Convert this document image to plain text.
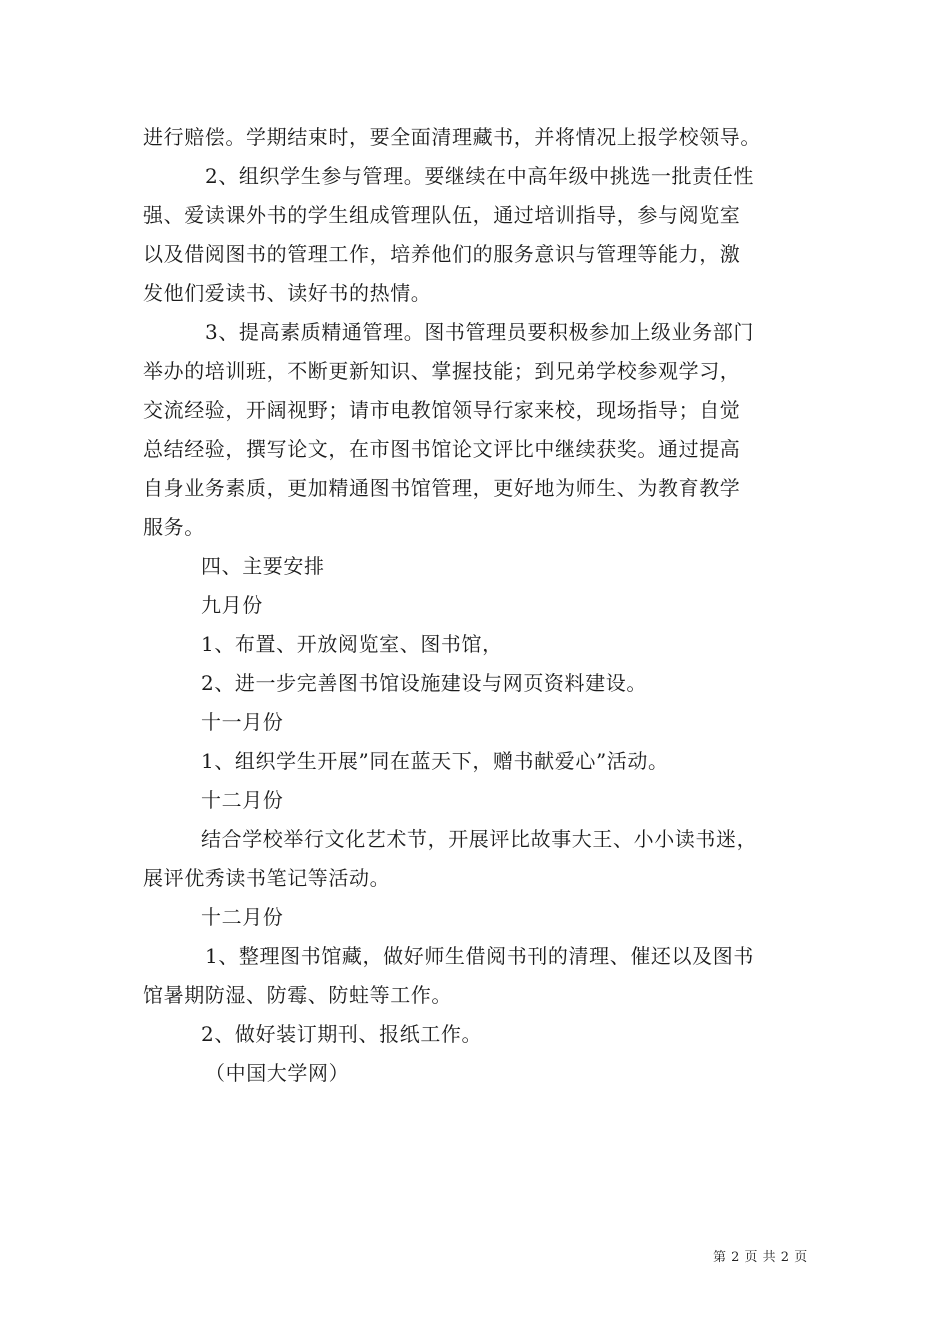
进行赔偿。学期结束时，要全面清理藏书，并将情况上报学校领导。
2、组织学生参与管理。要继续在中高年级中挑选一批责任性
强、爱读课外书的学生组成管理队伍，通过培训指导，参与阅览室
以及借阅图书的管理工作，培养他们的服务意识与管理等能力，激
发他们爱读书、读好书的热情。
3、提高素质精通管理。图书管理员要积极参加上级业务部门
举办的培训班，不断更新知识、掌握技能；到兄弟学校参观学习，
交流经验，开阔视野；请市电教馆领导行家来校，现场指导；自觉
总结经验，撰写论文，在市图书馆论文评比中继续获奖。通过提高
自身业务素质，更加精通图书馆管理，更好地为师生、为教育教学
服务。
四、主要安排
九月份
1、布置、开放阅览室、图书馆，
2、进一步完善图书馆设施建设与网页资料建设。
十一月份
1、组织学生开展”同在蓝天下，赠书献爱心”活动。
十二月份
结合学校举行文化艺术节，开展评比故事大王、小小读书迷，
展评优秀读书笔记等活动。
十二月份
1、整理图书馆藏，做好师生借阅书刊的清理、催还以及图书
馆暑期防湿、防霉、防蛀等工作。
2、做好装订期刊、报纸工作。
（中国大学网）
第 2 页 共 2 页
